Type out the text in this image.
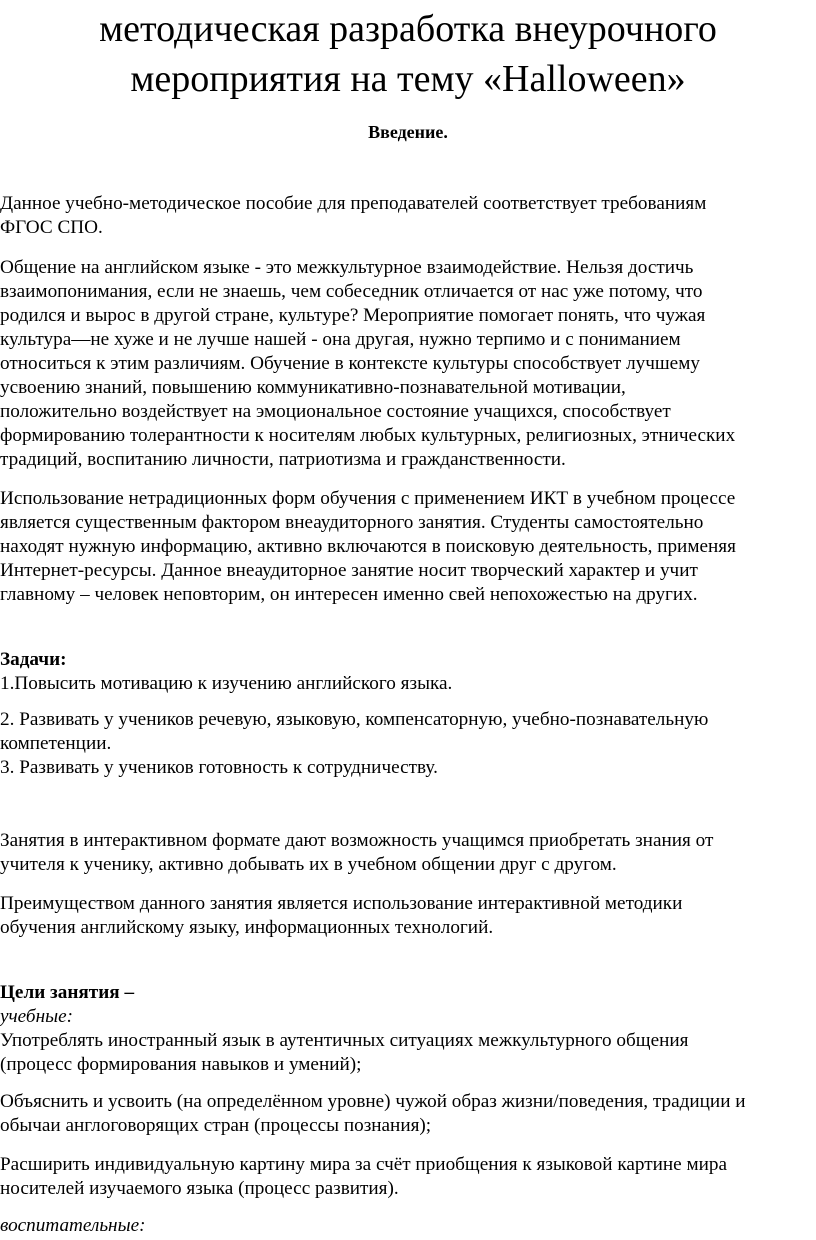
методическая разработка внеурочного
мероприятия на тему «Halloween»
Введение.

Данное учебно-методическое пособие для преподавателей соответствует требованиям
ФГОС СПО.

Общение на английском языке - это межкультурное взаимодействие. Нельзя достичь
взаимопонимания, если не знаешь, чем собеседник отличается от нас уже потому, что
родился и вырос в другой стране, культуре? Мероприятие помогает понять, что чужая
культура—не хуже и не лучше нашей - она другая, нужно терпимо и с пониманием
относиться к этим различиям. Обучение в контексте культуры способствует лучшему
усвоению знаний, повышению коммуникативно-познавательной мотивации,
положительно воздействует на эмоциональное состояние учащихся, способствует
формированию толерантности к носителям любых культурных, религиозных, этнических
традиций, воспитанию личности, патриотизма и гражданственности.

Использование нетрадиционных форм обучения с применением ИКТ в учебном процессе
является существенным фактором внеаудиторного занятия. Студенты самостоятельно
находят нужную информацию, активно включаются в поисковую деятельность, применяя
Интернет-ресурсы. Данное внеаудиторное занятие носит творческий характер и учит
главному – человек неповторим, он интересен именно свей непохожестью на других.

Задачи:
1.Повысить мотивацию к изучению английского языка.
2. Развивать у учеников речевую, языковую, компенсаторную, учебно-познавательную
компетенции.
3. Развивать у учеников готовность к сотрудничеству.

Занятия в интерактивном формате дают возможность учащимся приобретать знания от
учителя к ученику, активно добывать их в учебном общении друг с другом.

Преимуществом данного занятия является использование интерактивной методики
обучения английскому языку, информационных технологий.

Цели занятия –
учебные:
Употреблять иностранный язык в аутентичных ситуациях межкультурного общения
(процесс формирования навыков и умений);

Объяснить и усвоить (на определённом уровне) чужой образ жизни/поведения, традиции и
обычаи англоговорящих стран (процессы познания);

Расширить индивидуальную картину мира за счёт приобщения к языковой картине мира
носителей изучаемого языка (процесс развития).

воспитательные:
